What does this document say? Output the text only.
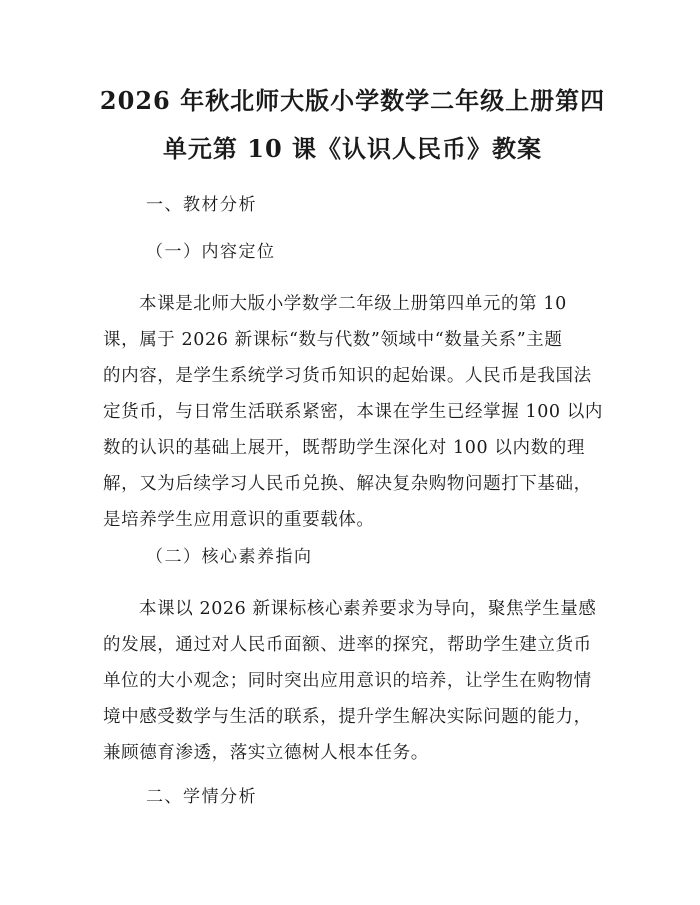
2026 年秋北师大版小学数学二年级上册第四
单元第 10 课《认识人民币》教案
一、教材分析
（一）内容定位
本课是北师大版小学数学二年级上册第四单元的第 10
课，属于 2026 新课标“数与代数”领域中“数量关系”主题
的内容，是学生系统学习货币知识的起始课。人民币是我国法
定货币，与日常生活联系紧密，本课在学生已经掌握 100 以内
数的认识的基础上展开，既帮助学生深化对 100 以内数的理
解，又为后续学习人民币兑换、解决复杂购物问题打下基础，
是培养学生应用意识的重要载体。
（二）核心素养指向
本课以 2026 新课标核心素养要求为导向，聚焦学生量感
的发展，通过对人民币面额、进率的探究，帮助学生建立货币
单位的大小观念；同时突出应用意识的培养，让学生在购物情
境中感受数学与生活的联系，提升学生解决实际问题的能力，
兼顾德育渗透，落实立德树人根本任务。
二、学情分析
